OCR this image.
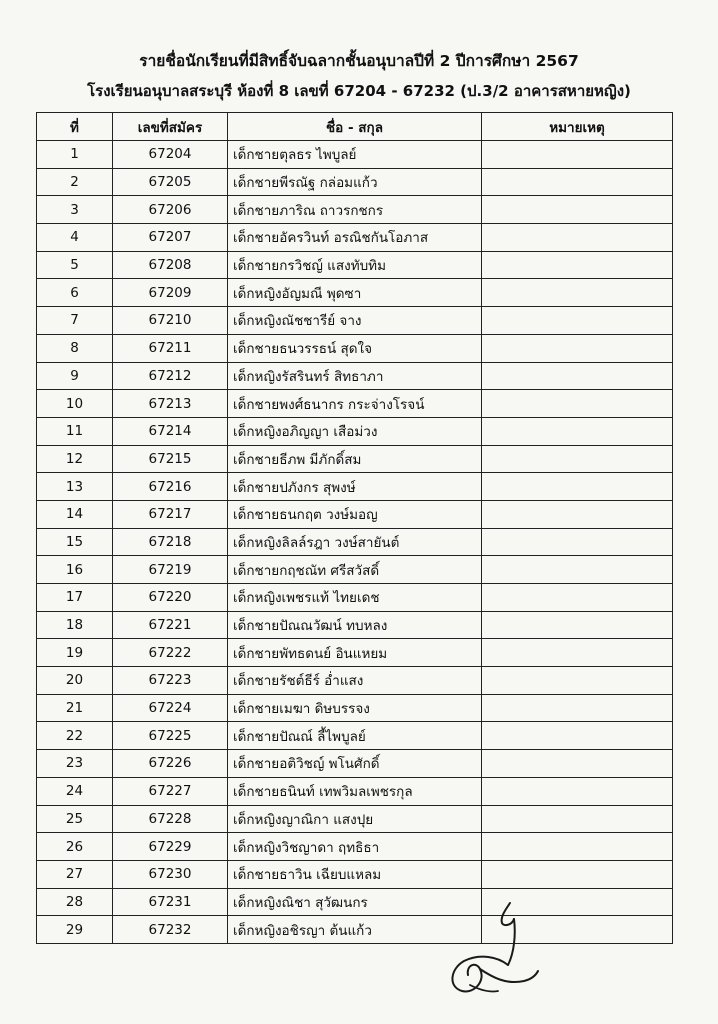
รายชื่อนักเรียนที่มีสิทธิ์จับฉลากชั้นอนุบาลปีที่ 2 ปีการศึกษา 2567
โรงเรียนอนุบาลสระบุรี ห้องที่ 8 เลขที่ 67204 - 67232 (ป.3/2 อาคารสหายหญิง)
ที่	เลขที่สมัคร	ชื่อ - สกุล	หมายเหตุ
1	67204	เด็กชายตุลธร ไพบูลย์	
2	67205	เด็กชายพีรณัฐ กล่อมแก้ว	
3	67206	เด็กชายภาริณ ถาวรกชกร	
4	67207	เด็กชายอัครวินท์ อรณิชกันโอภาส	
5	67208	เด็กชายกรวิชญ์ แสงทับทิม	
6	67209	เด็กหญิงอัญมณี พุดซา	
7	67210	เด็กหญิงณัชชารีย์ จาง	
8	67211	เด็กชายธนวรรธน์ สุดใจ	
9	67212	เด็กหญิงรัสรินทร์ สิทธาภา	
10	67213	เด็กชายพงศ์ธนากร กระจ่างโรจน์	
11	67214	เด็กหญิงอภิญญา เสือม่วง	
12	67215	เด็กชายธีภพ มีภักดิ์สม	
13	67216	เด็กชายปภังกร สุพงษ์	
14	67217	เด็กชายธนกฤต วงษ์มอญ	
15	67218	เด็กหญิงลิลล์รฎา วงษ์สายันต์	
16	67219	เด็กชายกฤชณัท ศรีสวัสดิ์	
17	67220	เด็กหญิงเพชรแท้ ไทยเดช	
18	67221	เด็กชายปัณณวัฒน์ ทบหลง	
19	67222	เด็กชายพัทธดนย์ อินแหยม	
20	67223	เด็กชายรัชต์ธีร์ อ่ำแสง	
21	67224	เด็กชายเมฆา ดิษบรรจง	
22	67225	เด็กชายปัณณ์ ลี้ไพบูลย์	
23	67226	เด็กชายอติวิชญ์ พโนศักดิ์	
24	67227	เด็กชายธนินท์ เทพวิมลเพชรกุล	
25	67228	เด็กหญิงญาณิกา แสงปุย	
26	67229	เด็กหญิงวิชญาดา ฤทธิธา	
27	67230	เด็กชายธาวิน เฉียบแหลม	
28	67231	เด็กหญิงณิชา สุวัฒนกร	
29	67232	เด็กหญิงอชิรญา ต้นแก้ว	
